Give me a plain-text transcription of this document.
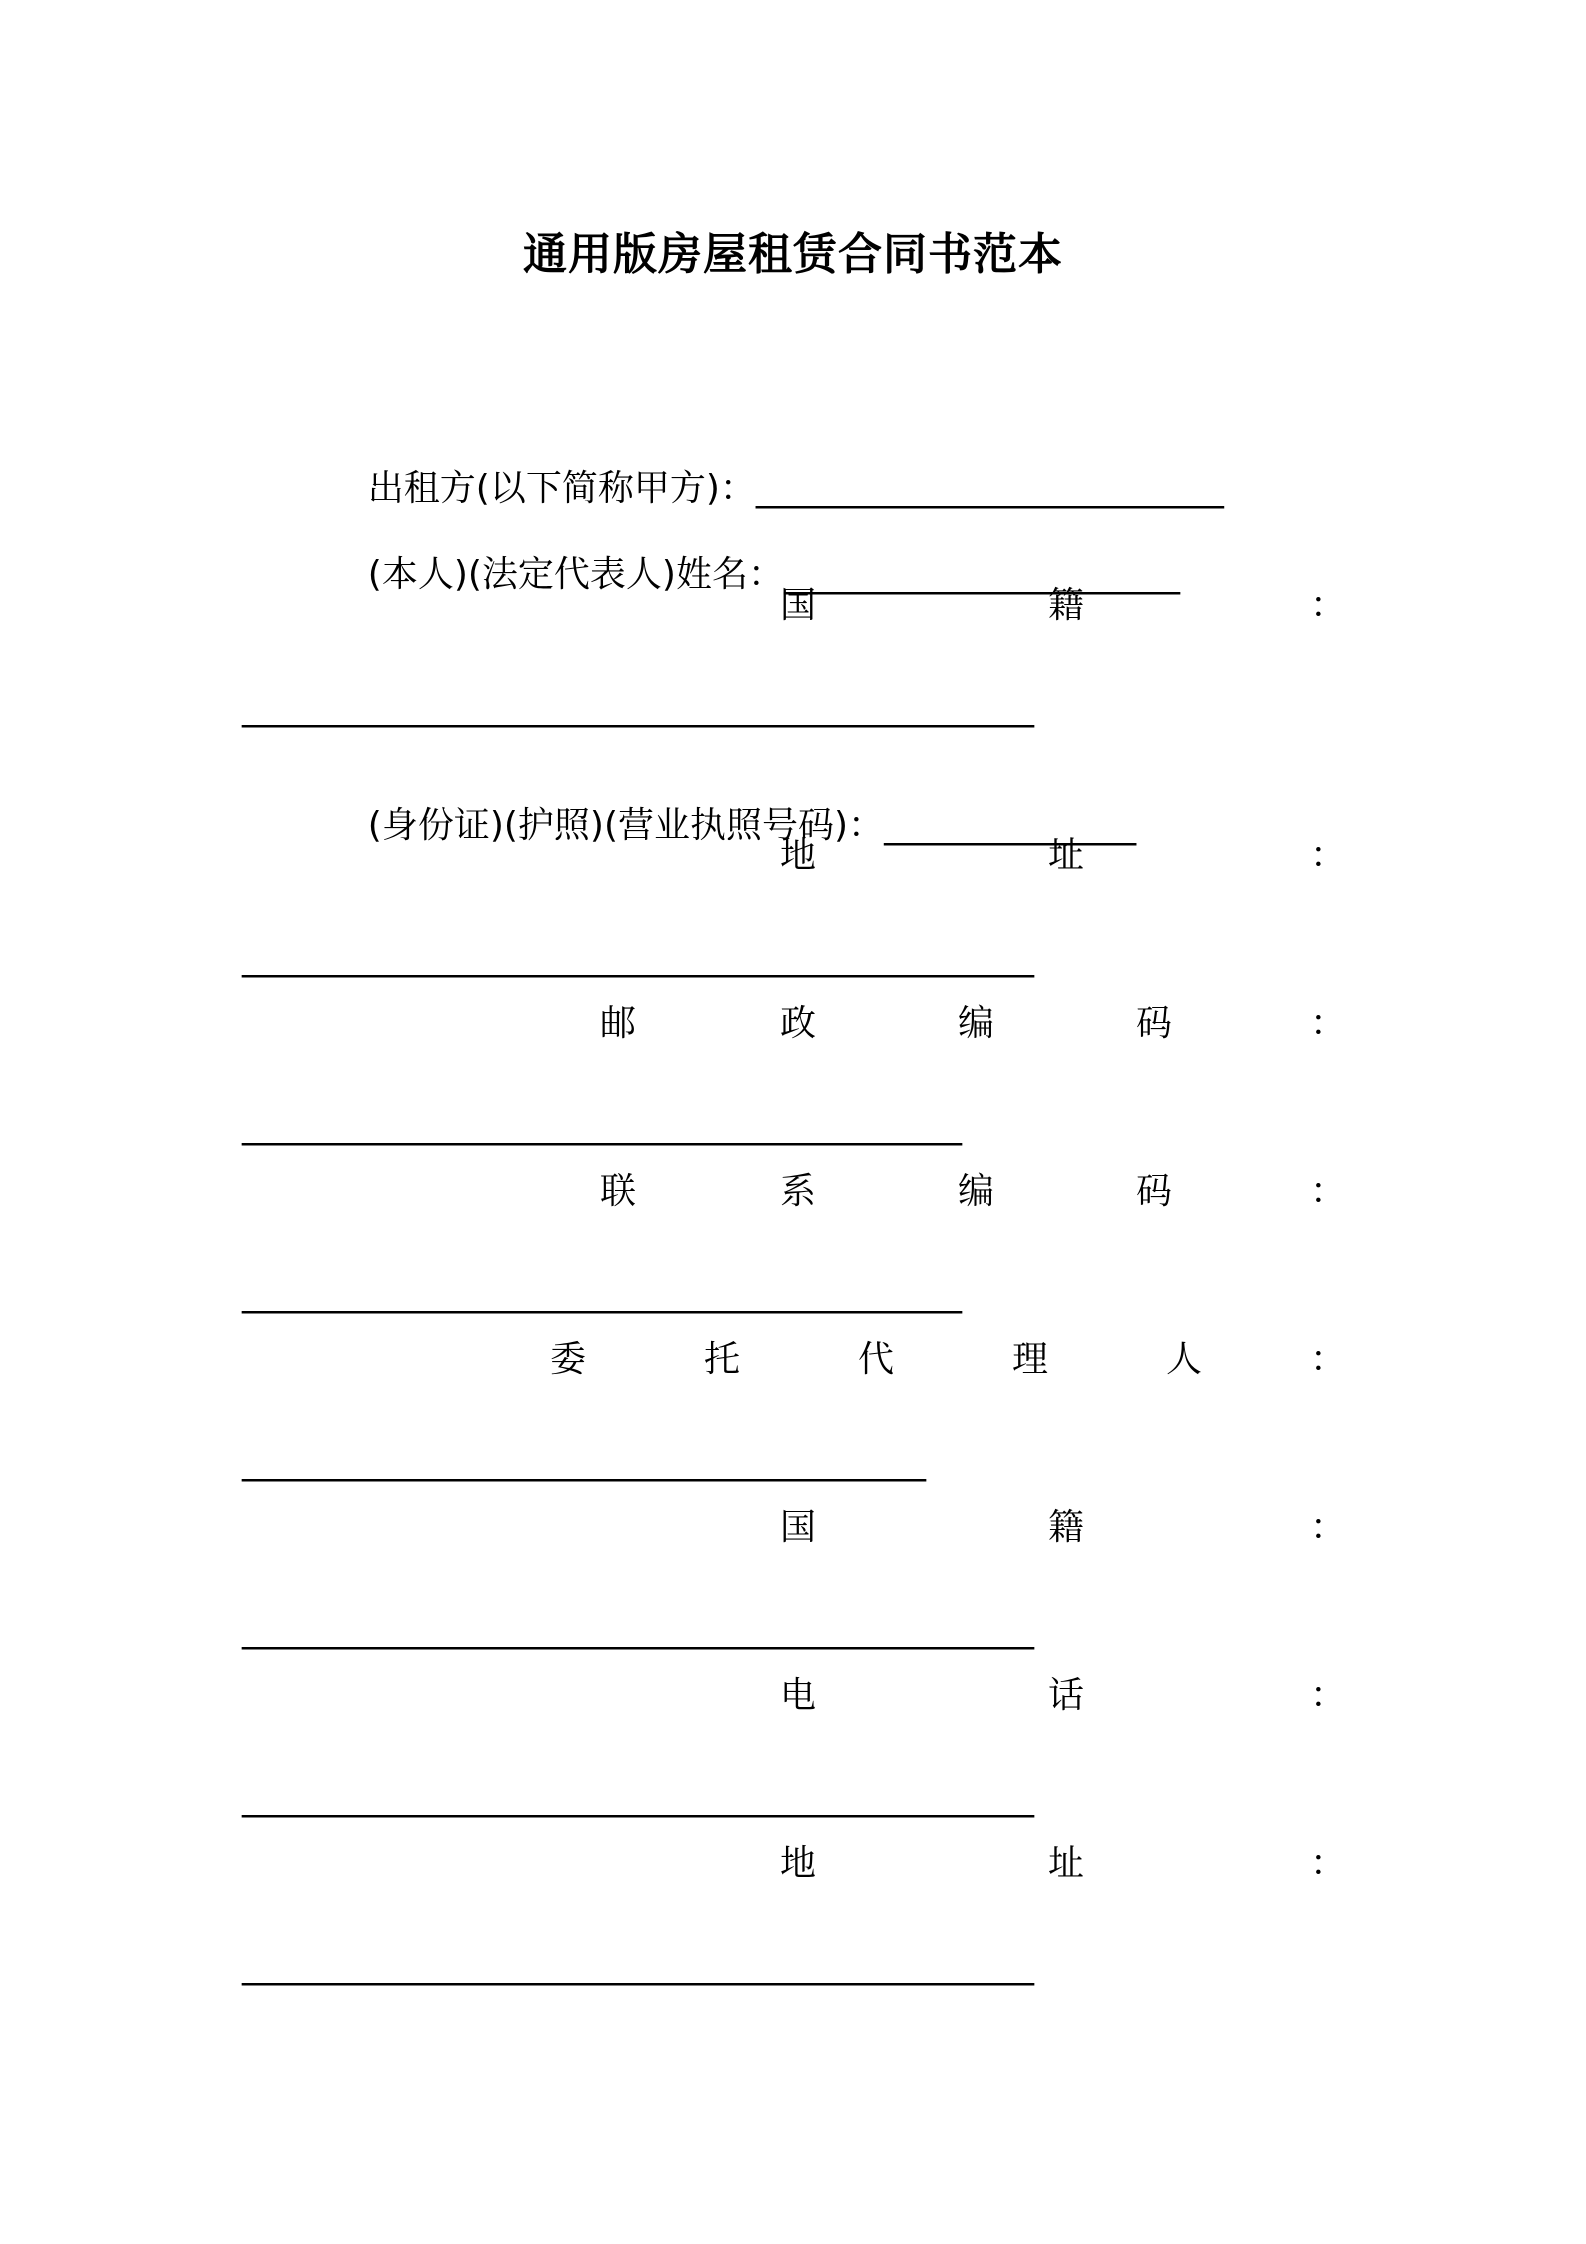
通用版房屋租赁合同书范本

出租方(以下简称甲方)：__________________________

(本人)(法定代表人)姓名：______________________

国	籍	：
____________________________________________

(身份证)(护照)(营业执照号码)：______________

地	址	：
____________________________________________
邮	政	编	码	：
________________________________________
联	系	编	码	：
________________________________________
委	托	代	理	人	：
______________________________________
国	籍	：
____________________________________________
电	话	：
____________________________________________
地	址	：
____________________________________________
